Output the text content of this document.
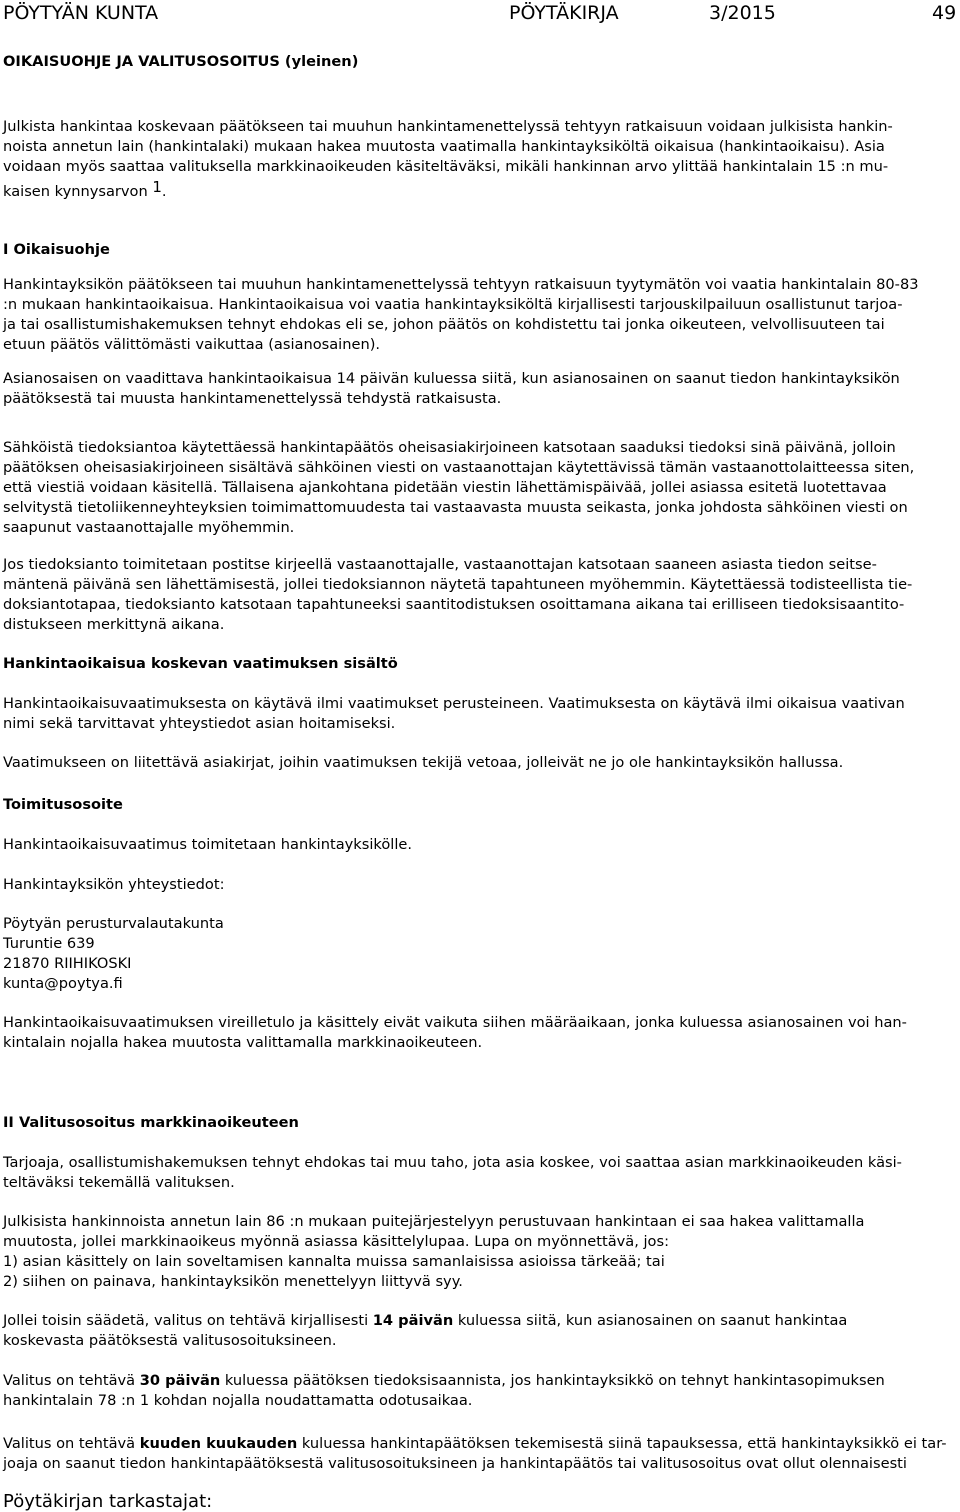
PÖYTYÄN KUNTA	PÖYTÄKIRJA	3/2015	49
OIKAISUOHJE JA VALITUSOSOITUS (yleinen)
Julkista hankintaa koskevaan päätökseen tai muuhun hankintamenettelyssä tehtyyn ratkaisuun voidaan julkisista hankin-
noista annetun lain (hankintalaki) mukaan hakea muutosta vaatimalla hankintayksiköltä oikaisua (hankintaoikaisu). Asia
voidaan myös saattaa valituksella markkinaoikeuden käsiteltäväksi, mikäli hankinnan arvo ylittää hankintalain 15 :n mu-
kaisen kynnysarvon 1.
I Oikaisuohje
Hankintayksikön päätökseen tai muuhun hankintamenettelyssä tehtyyn ratkaisuun tyytymätön voi vaatia hankintalain 80-83
:n mukaan hankintaoikaisua. Hankintaoikaisua voi vaatia hankintayksiköltä kirjallisesti tarjouskilpailuun osallistunut tarjoa-
ja tai osallistumishakemuksen tehnyt ehdokas eli se, johon päätös on kohdistettu tai jonka oikeuteen, velvollisuuteen tai
etuun päätös välittömästi vaikuttaa (asianosainen).
Asianosaisen on vaadittava hankintaoikaisua 14 päivän kuluessa siitä, kun asianosainen on saanut tiedon hankintayksikön
päätöksestä tai muusta hankintamenettelyssä tehdystä ratkaisusta.
Sähköistä tiedoksiantoa käytettäessä hankintapäätös oheisasiakirjoineen katsotaan saaduksi tiedoksi sinä päivänä, jolloin
päätöksen oheisasiakirjoineen sisältävä sähköinen viesti on vastaanottajan käytettävissä tämän vastaanottolaitteessa siten,
että viestiä voidaan käsitellä. Tällaisena ajankohtana pidetään viestin lähettämispäivää, jollei asiassa esitetä luotettavaa
selvitystä tietoliikenneyhteyksien toimimattomuudesta tai vastaavasta muusta seikasta, jonka johdosta sähköinen viesti on
saapunut vastaanottajalle myöhemmin.
Jos tiedoksianto toimitetaan postitse kirjeellä vastaanottajalle, vastaanottajan katsotaan saaneen asiasta tiedon seitse-
mäntenä päivänä sen lähettämisestä, jollei tiedoksiannon näytetä tapahtuneen myöhemmin. Käytettäessä todisteellista tie-
doksiantotapaa, tiedoksianto katsotaan tapahtuneeksi saantitodistuksen osoittamana aikana tai erilliseen tiedoksisaantito-
distukseen merkittynä aikana.
Hankintaoikaisua koskevan vaatimuksen sisältö
Hankintaoikaisuvaatimuksesta on käytävä ilmi vaatimukset perusteineen. Vaatimuksesta on käytävä ilmi oikaisua vaativan
nimi sekä tarvittavat yhteystiedot asian hoitamiseksi.
Vaatimukseen on liitettävä asiakirjat, joihin vaatimuksen tekijä vetoaa, jolleivät ne jo ole hankintayksikön hallussa.
Toimitusosoite
Hankintaoikaisuvaatimus toimitetaan hankintayksikölle.
Hankintayksikön yhteystiedot:
Pöytyän perusturvalautakunta
Turuntie 639
21870 RIIHIKOSKI
kunta@poytya.fi
Hankintaoikaisuvaatimuksen vireilletulo ja käsittely eivät vaikuta siihen määräaikaan, jonka kuluessa asianosainen voi han-
kintalain nojalla hakea muutosta valittamalla markkinaoikeuteen.
II Valitusosoitus markkinaoikeuteen
Tarjoaja, osallistumishakemuksen tehnyt ehdokas tai muu taho, jota asia koskee, voi saattaa asian markkinaoikeuden käsi-
teltäväksi tekemällä valituksen.
Julkisista hankinnoista annetun lain 86 :n mukaan puitejärjestelyyn perustuvaan hankintaan ei saa hakea valittamalla
muutosta, jollei markkinaoikeus myönnä asiassa käsittelylupaa. Lupa on myönnettävä, jos:
1) asian käsittely on lain soveltamisen kannalta muissa samanlaisissa asioissa tärkeää; tai
2) siihen on painava, hankintayksikön menettelyyn liittyvä syy.
Jollei toisin säädetä, valitus on tehtävä kirjallisesti 14 päivän kuluessa siitä, kun asianosainen on saanut hankintaa
koskevasta päätöksestä valitusosoituksineen.
Valitus on tehtävä 30 päivän kuluessa päätöksen tiedoksisaannista, jos hankintayksikkö on tehnyt hankintasopimuksen
hankintalain 78 :n 1 kohdan nojalla noudattamatta odotusaikaa.
Valitus on tehtävä kuuden kuukauden kuluessa hankintapäätöksen tekemisestä siinä tapauksessa, että hankintayksikkö ei tar-
joaja on saanut tiedon hankintapäätöksestä valitusosoituksineen ja hankintapäätös tai valitusosoitus ovat ollut olennaisesti
Pöytäkirjan tarkastajat:
